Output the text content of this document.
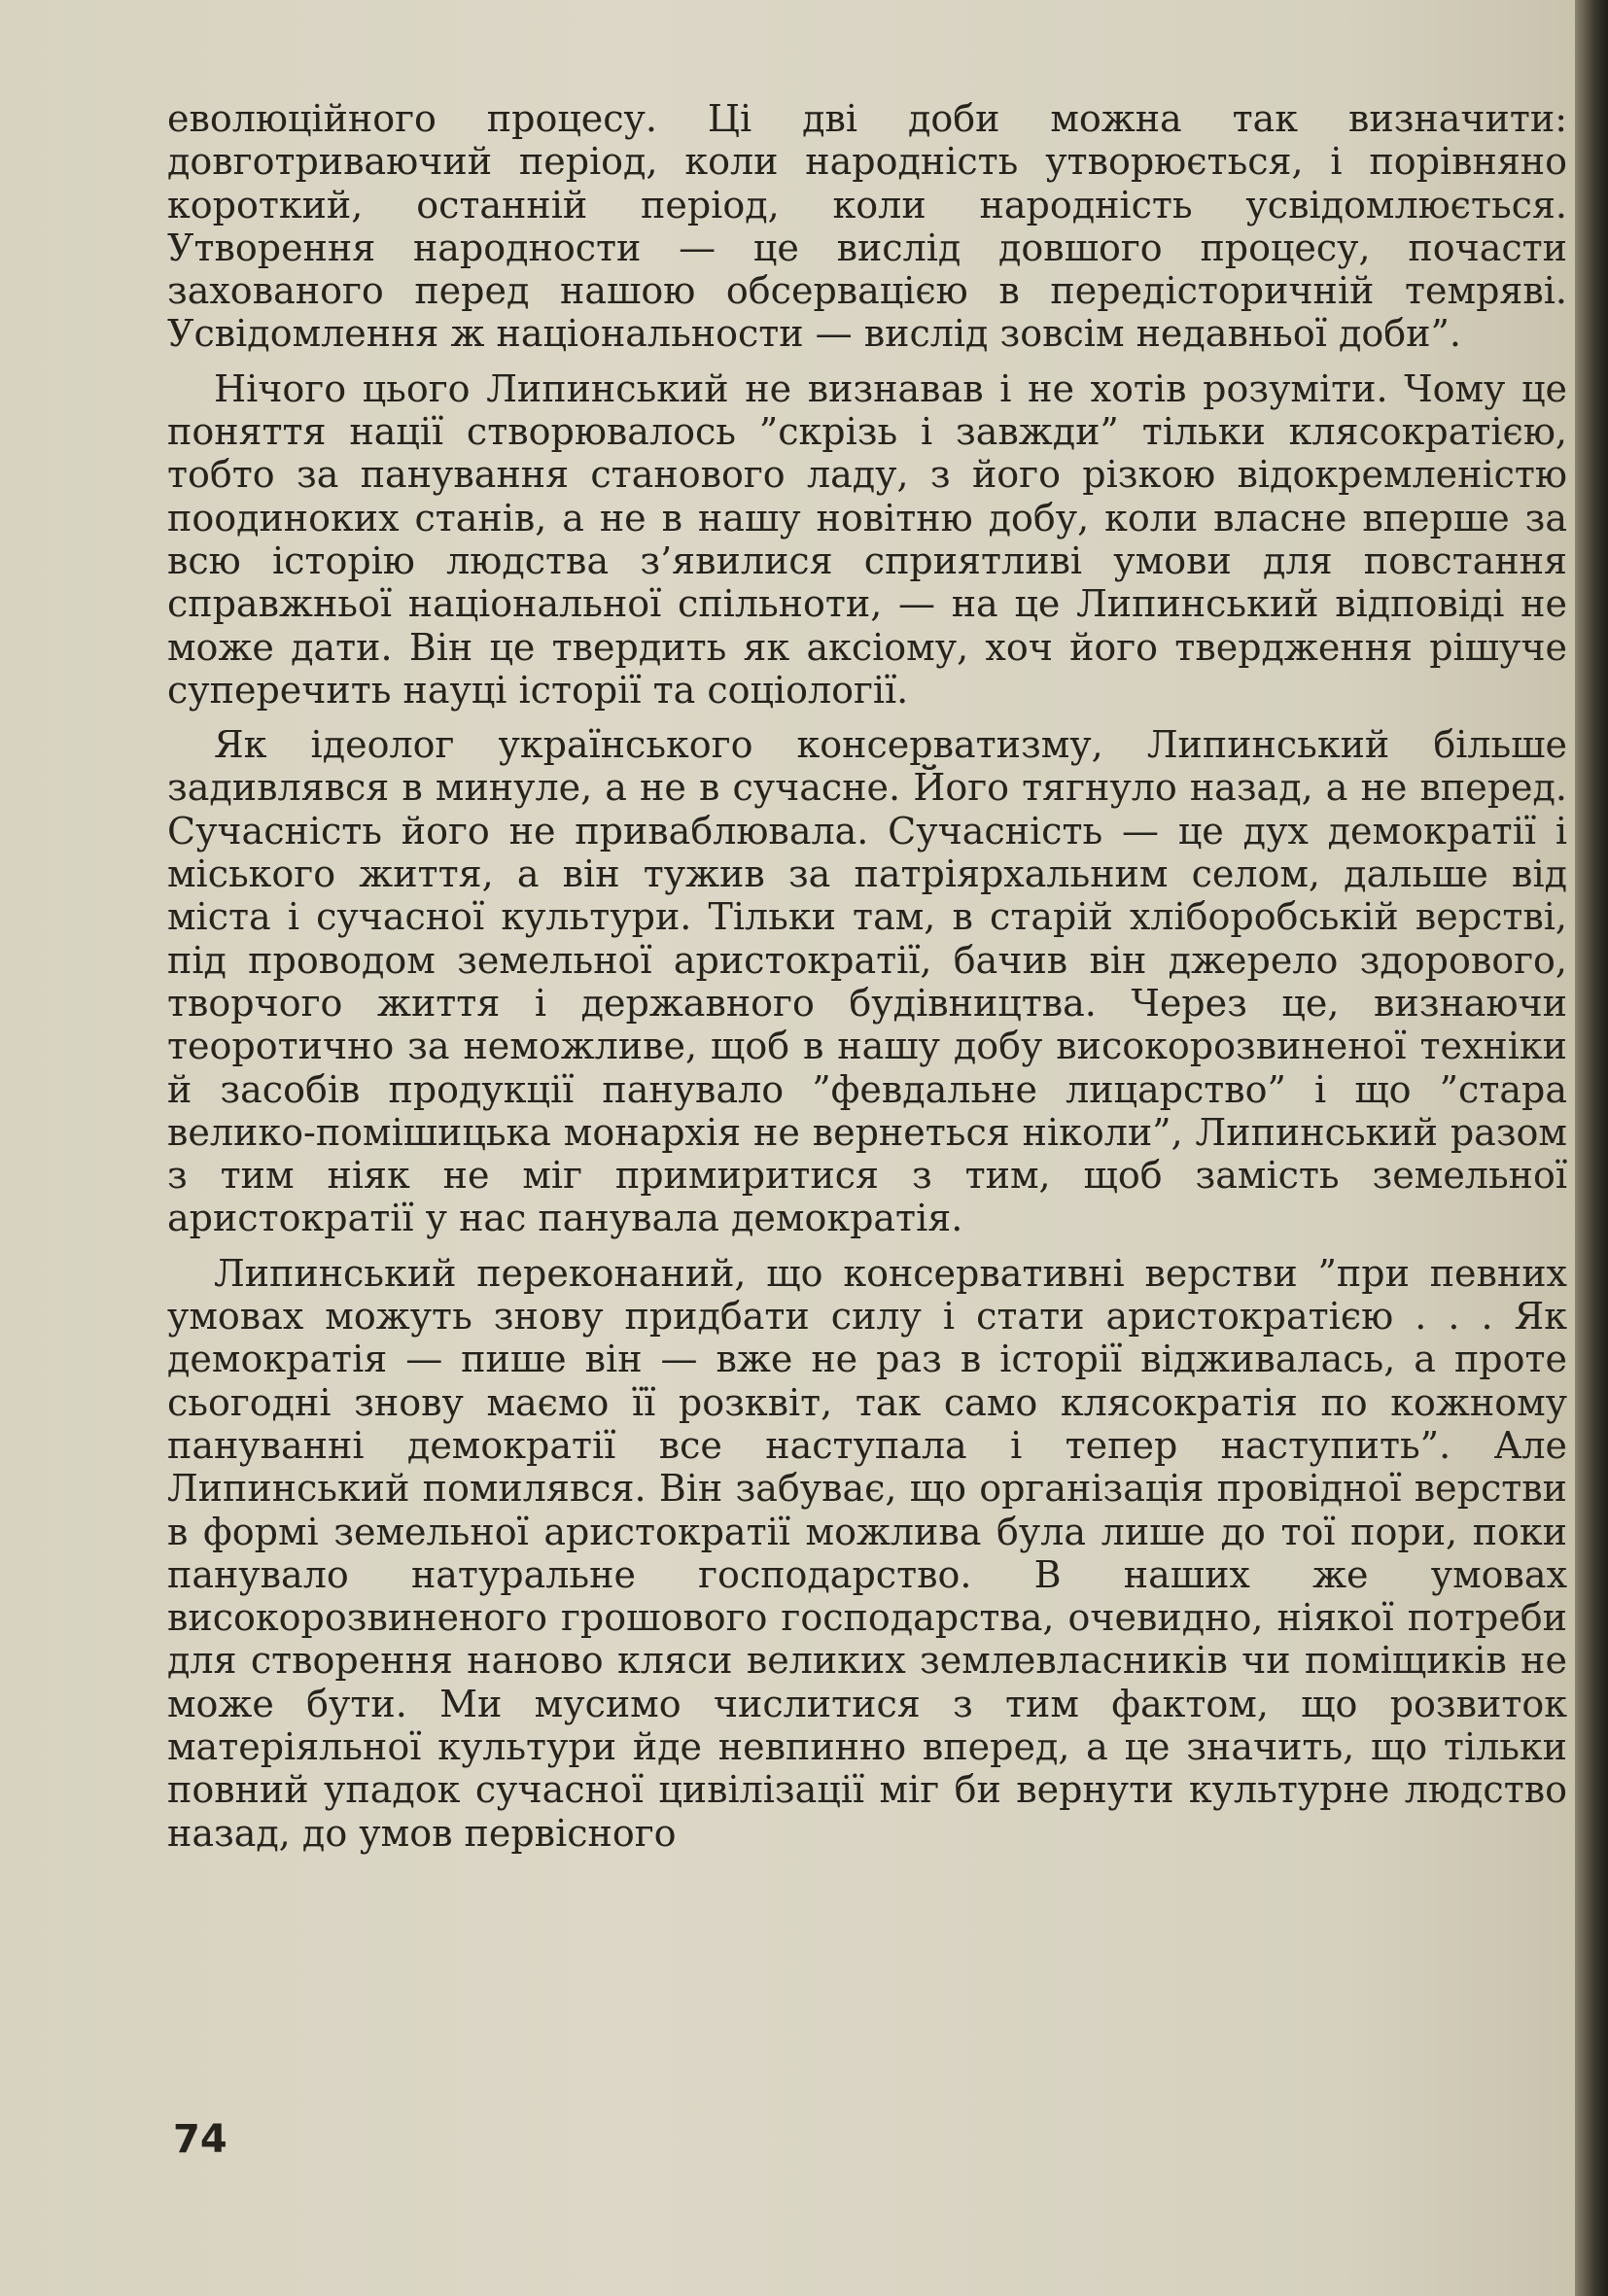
еволюційного процесу. Ці дві доби можна так визначити: довготриваючий період, коли народність утворюється, і порівняно короткий, останній період, коли народність усвідомлюється. Утворення народности — це вислід довшого процесу, почасти захованого перед нашою обсервацією в передісторичній темряві. Усвідомлення ж національности — вислід зовсім недавньої доби”.

Нічого цього Липинський не визнавав і не хотів розуміти. Чому це поняття нації створювалось ”скрізь і завжди” тільки клясократією, тобто за панування станового ладу, з його різкою відокремленістю поодиноких станів, а не в нашу новітню добу, коли власне вперше за всю історію людства з’явилися сприятливі умови для повстання справжньої національної спільноти, — на це Липинський відповіді не може дати. Він це твердить як аксіому, хоч його твердження рішуче суперечить науці історії та соціології.

Як ідеолог українського консерватизму, Липинський більше задивлявся в минуле, а не в сучасне. Його тягнуло назад, а не вперед. Сучасність його не приваблювала. Сучасність — це дух демократії і міського життя, а він тужив за патріярхальним селом, дальше від міста і сучасної культури. Тільки там, в старій хліборобській верстві, під проводом земельної аристократії, бачив він джерело здорового, творчого життя і державного будівництва. Через це, визнаючи теоротично за неможливе, щоб в нашу добу високорозвиненої техніки й засобів продукції панувало ”февдальне лицарство” і що ”стара велико-помішицька монархія не вернеться ніколи”, Липинський разом з тим ніяк не міг примиритися з тим, щоб замість земельної аристократії у нас панувала демократія.

Липинський переконаний, що консервативні верстви ”при певних умовах можуть знову придбати силу і стати аристократією . . . Як демократія — пише він — вже не раз в історії відживалась, а проте сьогодні знову маємо її розквіт, так само клясократія по кожному пануванні демократії все наступала і тепер наступить”. Але Липинський помилявся. Він забуває, що організація провідної верстви в формі земельної аристократії можлива була лише до тої пори, поки панувало натуральне господарство. В наших же умовах високорозвиненого грошового господарства, очевидно, ніякої потреби для створення наново кляси великих землевласників чи поміщиків не може бути. Ми мусимо числитися з тим фактом, що розвиток матеріяльної культури йде невпинно вперед, а це значить, що тільки повний упадок сучасної цивілізації міг би вернути культурне людство назад, до умов первісного

74
